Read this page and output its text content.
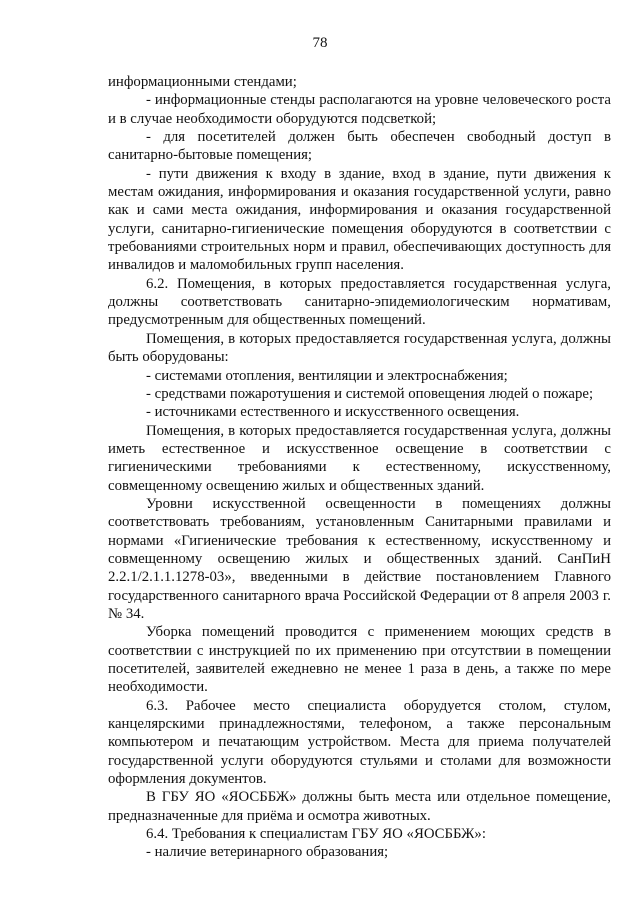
78

информационными стендами;

- информационные стенды располагаются на уровне человеческого роста и в случае необходимости оборудуются подсветкой;

- для посетителей должен быть обеспечен свободный доступ в санитарно-бытовые помещения;

- пути движения к входу в здание, вход в здание, пути движения к местам ожидания, информирования и оказания государственной услуги, равно как и сами места ожидания, информирования и оказания государственной услуги, санитарно-гигиенические помещения оборудуются в соответствии с требованиями строительных норм и правил, обеспечивающих доступность для инвалидов и маломобильных групп населения.

6.2. Помещения, в которых предоставляется государственная услуга, должны соответствовать санитарно-эпидемиологическим нормативам, предусмотренным для общественных помещений.

Помещения, в которых предоставляется государственная услуга, должны быть оборудованы:

- системами отопления, вентиляции и электроснабжения;

- средствами пожаротушения и системой оповещения людей о пожаре;

- источниками естественного и искусственного освещения.

Помещения, в которых предоставляется государственная услуга, должны иметь естественное и искусственное освещение в соответствии с гигиеническими требованиями к естественному, искусственному, совмещенному освещению жилых и общественных зданий.

Уровни искусственной освещенности в помещениях должны соответствовать требованиям, установленным Санитарными правилами и нормами «Гигиенические требования к естественному, искусственному и совмещенному освещению жилых и общественных зданий. СанПиН 2.2.1/2.1.1.1278-03», введенными в действие постановлением Главного государственного санитарного врача Российской Федерации от 8 апреля 2003 г. № 34.

Уборка помещений проводится с применением моющих средств в соответствии с инструкцией по их применению при отсутствии в помещении посетителей, заявителей ежедневно не менее 1 раза в день, а также по мере необходимости.

6.3. Рабочее место специалиста оборудуется столом, стулом, канцелярскими принадлежностями, телефоном, а также персональным компьютером и печатающим устройством. Места для приема получателей государственной услуги оборудуются стульями и столами для возможности оформления документов.

В ГБУ ЯО «ЯОСББЖ» должны быть места или отдельное помещение, предназначенные для приёма и осмотра животных.

6.4. Требования к специалистам ГБУ ЯО «ЯОСББЖ»:

- наличие ветеринарного образования;
